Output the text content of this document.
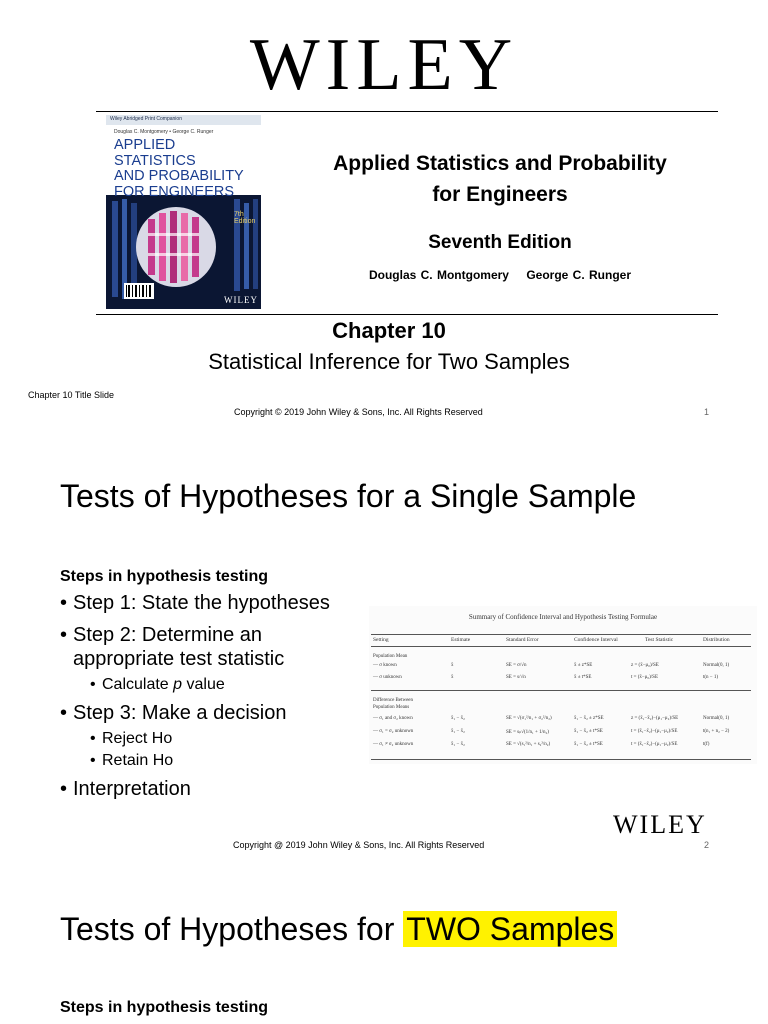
WILEY
Wiley Abridged Print Companion
Douglas C. Montgomery • George C. Runger
APPLIED STATISTICS
AND PROBABILITY
FOR ENGINEERS
7th Edition
WILEY
Applied Statistics and Probability
for Engineers
Seventh Edition
Douglas C. Montgomery George C. Runger
Chapter 10
Statistical Inference for Two Samples
Chapter 10 Title Slide
Copyright © 2019 John Wiley & Sons, Inc. All Rights Reserved	1
Tests of Hypotheses for a Single Sample
Steps in hypothesis testing
• Step 1: State the hypotheses
• Step 2: Determine an
appropriate test statistic
• Calculate p value
• Step 3: Make a decision
• Reject Ho
• Retain Ho
• Interpretation
Summary of Confidence Interval and Hypothesis Testing Formulae
Setting	Estimate	Standard Error	Confidence Interval	Test Statistic	Distribution
Population Mean
— σ known	x̄	SE = σ/√n	x̄ ± z*SE	z = (x̄−μ₀)/SE	Normal(0, 1)
— σ unknown	x̄	SE = s/√n	x̄ ± t*SE	t = (x̄−μ₀)/SE	t(n − 1)
Difference Between
Population Means
— σ₁ and σ₂ known	x̄₁ − x̄₂	SE = √(σ₁²/n₁ + σ₂²/n₂)	x̄₁ − x̄₂ ± z*SE	z = (x̄₁−x̄₂)−(μ₁−μ₂)/SE	Normal(0, 1)
— σ₁ = σ₂ unknown	x̄₁ − x̄₂	SE = sₚ√(1/n₁ + 1/n₂)	x̄₁ − x̄₂ ± t*SE	t = (x̄₁−x̄₂)−(μ₁−μ₂)/SE	t(n₁ + n₂ − 2)
— σ₁ ≠ σ₂ unknown	x̄₁ − x̄₂	SE = √(s₁²/n₁ + s₂²/n₂)	x̄₁ − x̄₂ ± t*SE	t = (x̄₁−x̄₂)−(μ₁−μ₂)/SE	t(f)
WILEY
Copyright @ 2019 John Wiley & Sons, Inc. All Rights Reserved	2
Tests of Hypotheses for TWO Samples
Steps in hypothesis testing
